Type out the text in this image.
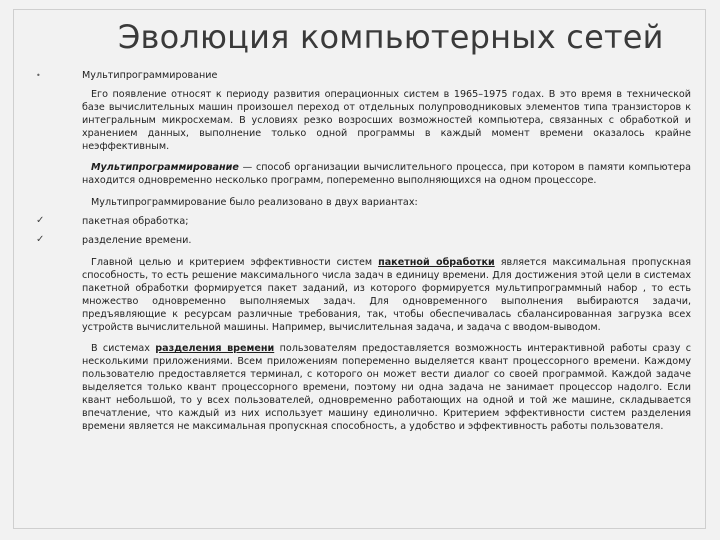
Эволюция компьютерных сетей

•	Мультипрограммирование

Его появление относят к периоду развития операционных систем в 1965–1975 годах. В это время в технической базе вычислительных машин произошел переход от отдельных полупроводниковых элементов типа транзисторов к интегральным микросхемам. В условиях резко возросших возможностей компьютера, связанных с обработкой и хранением данных, выполнение только одной программы в каждый момент времени оказалось крайне неэффективным.

Мультипрограммирование — способ организации вычислительного процесса, при котором в памяти компьютера находится одновременно несколько программ, попеременно выполняющихся на одном процессоре.

Мультипрограммирование было реализовано в двух вариантах:

✓	пакетная обработка;

✓	разделение времени.

Главной целью и критерием эффективности систем пакетной обработки является максимальная пропускная способность, то есть решение максимального числа задач в единицу времени. Для достижения этой цели в системах пакетной обработки формируется пакет заданий, из которого формируется мультипрограммный набор , то есть множество одновременно выполняемых задач. Для одновременного выполнения выбираются задачи, предъявляющие к ресурсам различные требования, так, чтобы обеспечивалась сбалансированная загрузка всех устройств вычислительной машины. Например, вычислительная задача, и задача с вводом-выводом.

В системах разделения времени пользователям предоставляется возможность интерактивной работы сразу с несколькими приложениями. Всем приложениям попеременно выделяется квант процессорного времени. Каждому пользователю предоставляется терминал, с которого он может вести диалог со своей программой. Каждой задаче выделяется только квант процессорного времени, поэтому ни одна задача не занимает процессор надолго. Если квант небольшой, то у всех пользователей, одновременно работающих на одной и той же машине, складывается впечатление, что каждый из них использует машину единолично. Критерием эффективности систем разделения времени является не максимальная пропускная способность, а удобство и эффективность работы пользователя.
